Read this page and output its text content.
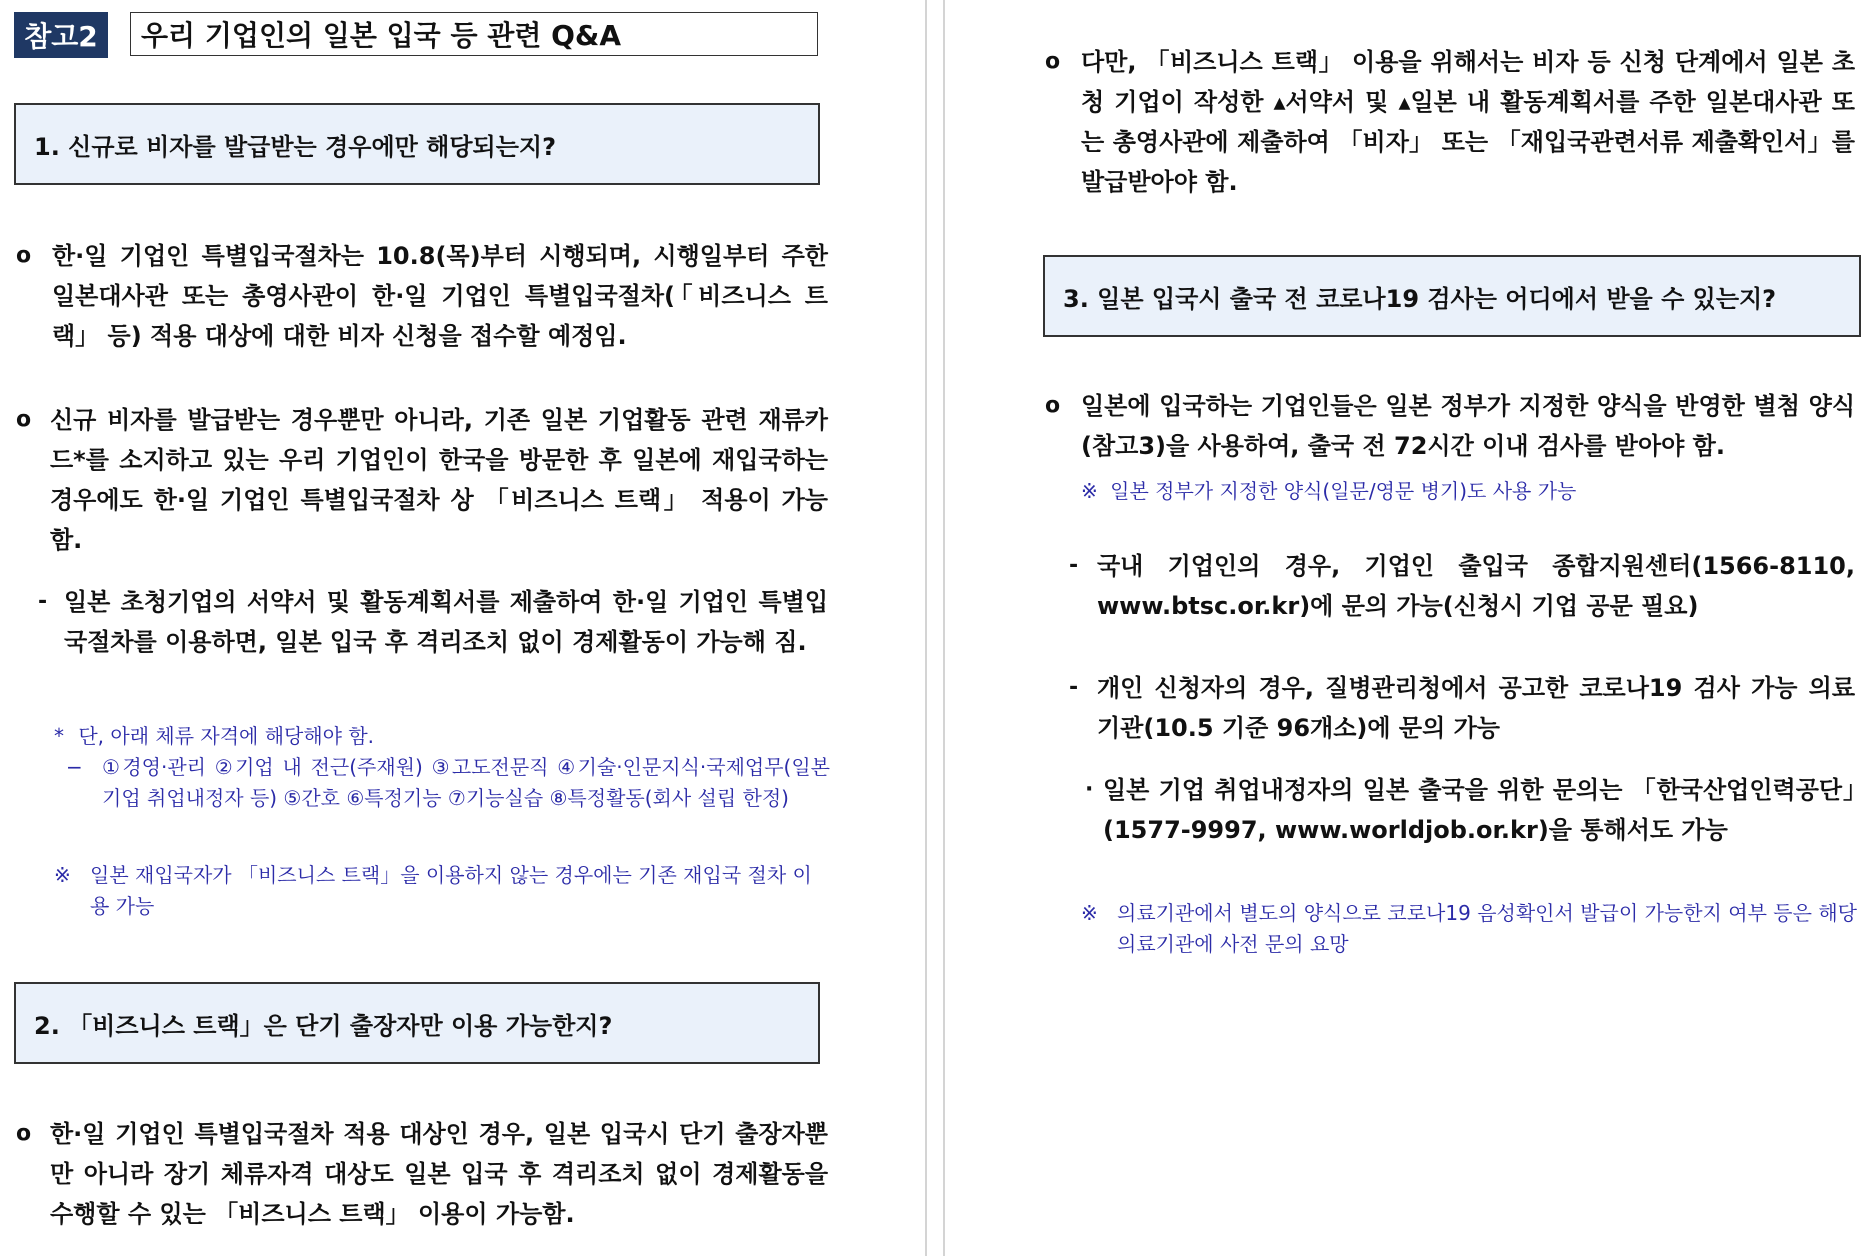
참고2	우리 기업인의 일본 입국 등 관련 Q&A
1. 신규로 비자를 발급받는 경우에만 해당되는지?
ο 한·일 기업인 특별입국절차는 10.8(목)부터 시행되며, 시행일부터 주한 일본대사관 또는 총영사관이 한·일 기업인 특별입국절차(「비즈니스 트랙」 등) 적용 대상에 대한 비자 신청을 접수할 예정임.
ο 신규 비자를 발급받는 경우뿐만 아니라, 기존 일본 기업활동 관련 재류카드*를 소지하고 있는 우리 기업인이 한국을 방문한 후 일본에 재입국하는 경우에도 한·일 기업인 특별입국절차 상 「비즈니스 트랙」 적용이 가능함.
- 일본 초청기업의 서약서 및 활동계획서를 제출하여 한·일 기업인 특별입국절차를 이용하면, 일본 입국 후 격리조치 없이 경제활동이 가능해 짐.
* 단, 아래 체류 자격에 해당해야 함.
− ①경영·관리 ②기업 내 전근(주재원) ③고도전문직 ④기술·인문지식·국제업무(일본 기업 취업내정자 등) ⑤간호 ⑥특정기능 ⑦기능실습 ⑧특정활동(회사 설립 한정)
※ 일본 재입국자가 「비즈니스 트랙」을 이용하지 않는 경우에는 기존 재입국 절차 이용 가능
2. 「비즈니스 트랙」은 단기 출장자만 이용 가능한지?
ο 한·일 기업인 특별입국절차 적용 대상인 경우, 일본 입국시 단기 출장자뿐만 아니라 장기 체류자격 대상도 일본 입국 후 격리조치 없이 경제활동을 수행할 수 있는 「비즈니스 트랙」 이용이 가능함.
ο 다만, 「비즈니스 트랙」 이용을 위해서는 비자 등 신청 단계에서 일본 초청 기업이 작성한 ▴서약서 및 ▴일본 내 활동계획서를 주한 일본대사관 또는 총영사관에 제출하여 「비자」 또는 「재입국관련서류 제출확인서」를 발급받아야 함.
3. 일본 입국시 출국 전 코로나19 검사는 어디에서 받을 수 있는지?
ο 일본에 입국하는 기업인들은 일본 정부가 지정한 양식을 반영한 별첨 양식(참고3)을 사용하여, 출국 전 72시간 이내 검사를 받아야 함.
※ 일본 정부가 지정한 양식(일문/영문 병기)도 사용 가능
- 국내 기업인의 경우, 기업인 출입국 종합지원센터(1566-8110, www.btsc.or.kr)에 문의 가능(신청시 기업 공문 필요)
- 개인 신청자의 경우, 질병관리청에서 공고한 코로나19 검사 가능 의료기관(10.5 기준 96개소)에 문의 가능
· 일본 기업 취업내정자의 일본 출국을 위한 문의는 「한국산업인력공단」(1577-9997, www.worldjob.or.kr)을 통해서도 가능
※ 의료기관에서 별도의 양식으로 코로나19 음성확인서 발급이 가능한지 여부 등은 해당 의료기관에 사전 문의 요망
